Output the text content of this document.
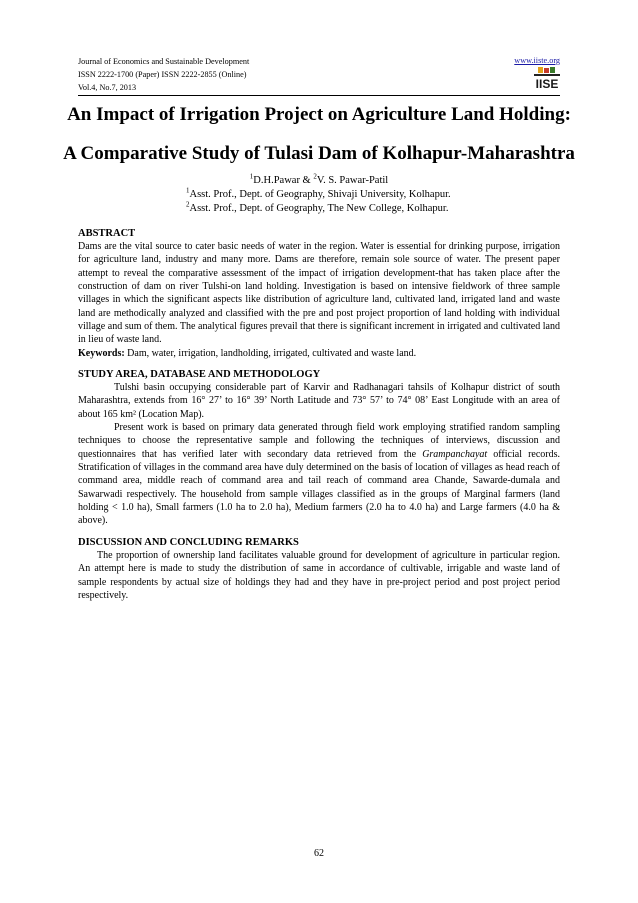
Journal of Economics and Sustainable Development
ISSN 2222-1700 (Paper) ISSN 2222-2855 (Online)
Vol.4, No.7, 2013
www.iiste.org
IISE
An Impact of Irrigation Project on Agriculture Land Holding: A Comparative Study of Tulasi Dam of Kolhapur-Maharashtra
$^1$D.H.Pawar & $^2$V. S. Pawar-Patil
$^1$Asst. Prof., Dept. of Geography, Shivaji University, Kolhapur.
$^2$Asst. Prof., Dept. of Geography, The New College, Kolhapur.
ABSTRACT

Dams are the vital source to cater basic needs of water in the region. Water is essential for drinking purpose, irrigation for agriculture land, industry and many more. Dams are therefore, remain sole source of water. The present paper attempt to reveal the comparative assessment of the impact of irrigation development-that has taken place after the construction of dam on river Tulshi-on land holding. Investigation is based on intensive fieldwork of three sample villages in which the significant aspects like distribution of agriculture land, cultivated land, irrigated land and waste land are methodically analyzed and classified with the pre and post project proportion of land holding with individual village and sum of them. The analytical figures prevail that there is significant increment in irrigated and cultivated land in lieu of waste land.
Keywords: Dam, water, irrigation, landholding, irrigated, cultivated and waste land.

STUDY AREA, DATABASE AND METHODOLOGY

Tulshi basin occupying considerable part of Karvir and Radhanagari tahsils of Kolhapur district of south Maharashtra, extends from 16° 27’ to 16° 39’ North Latitude and 73° 57’ to 74° 08’ East Longitude with an area of about 165 km² (Location Map).

Present work is based on primary data generated through field work employing stratified random sampling techniques to choose the representative sample and following the techniques of interviews, discussion and questionnaires that has verified later with secondary data retrieved from the Grampanchayat official records. Stratification of villages in the command area have duly determined on the basis of location of villages as head reach of command area, middle reach of command area and tail reach of command area Chande, Sawarde-dumala and Sawarwadi respectively. The household from sample villages classified as in the groups of Marginal farmers (land holding < 1.0 ha), Small farmers (1.0 ha to 2.0 ha), Medium farmers (2.0 ha to 4.0 ha) and Large farmers (4.0 ha & above).

DISCUSSION AND CONCLUDING REMARKS

The proportion of ownership land facilitates valuable ground for development of agriculture in particular region. An attempt here is made to study the distribution of same in accordance of cultivable, irrigable and waste land of sample respondents by actual size of holdings they had and they have in pre-project period and post project period respectively.

62
